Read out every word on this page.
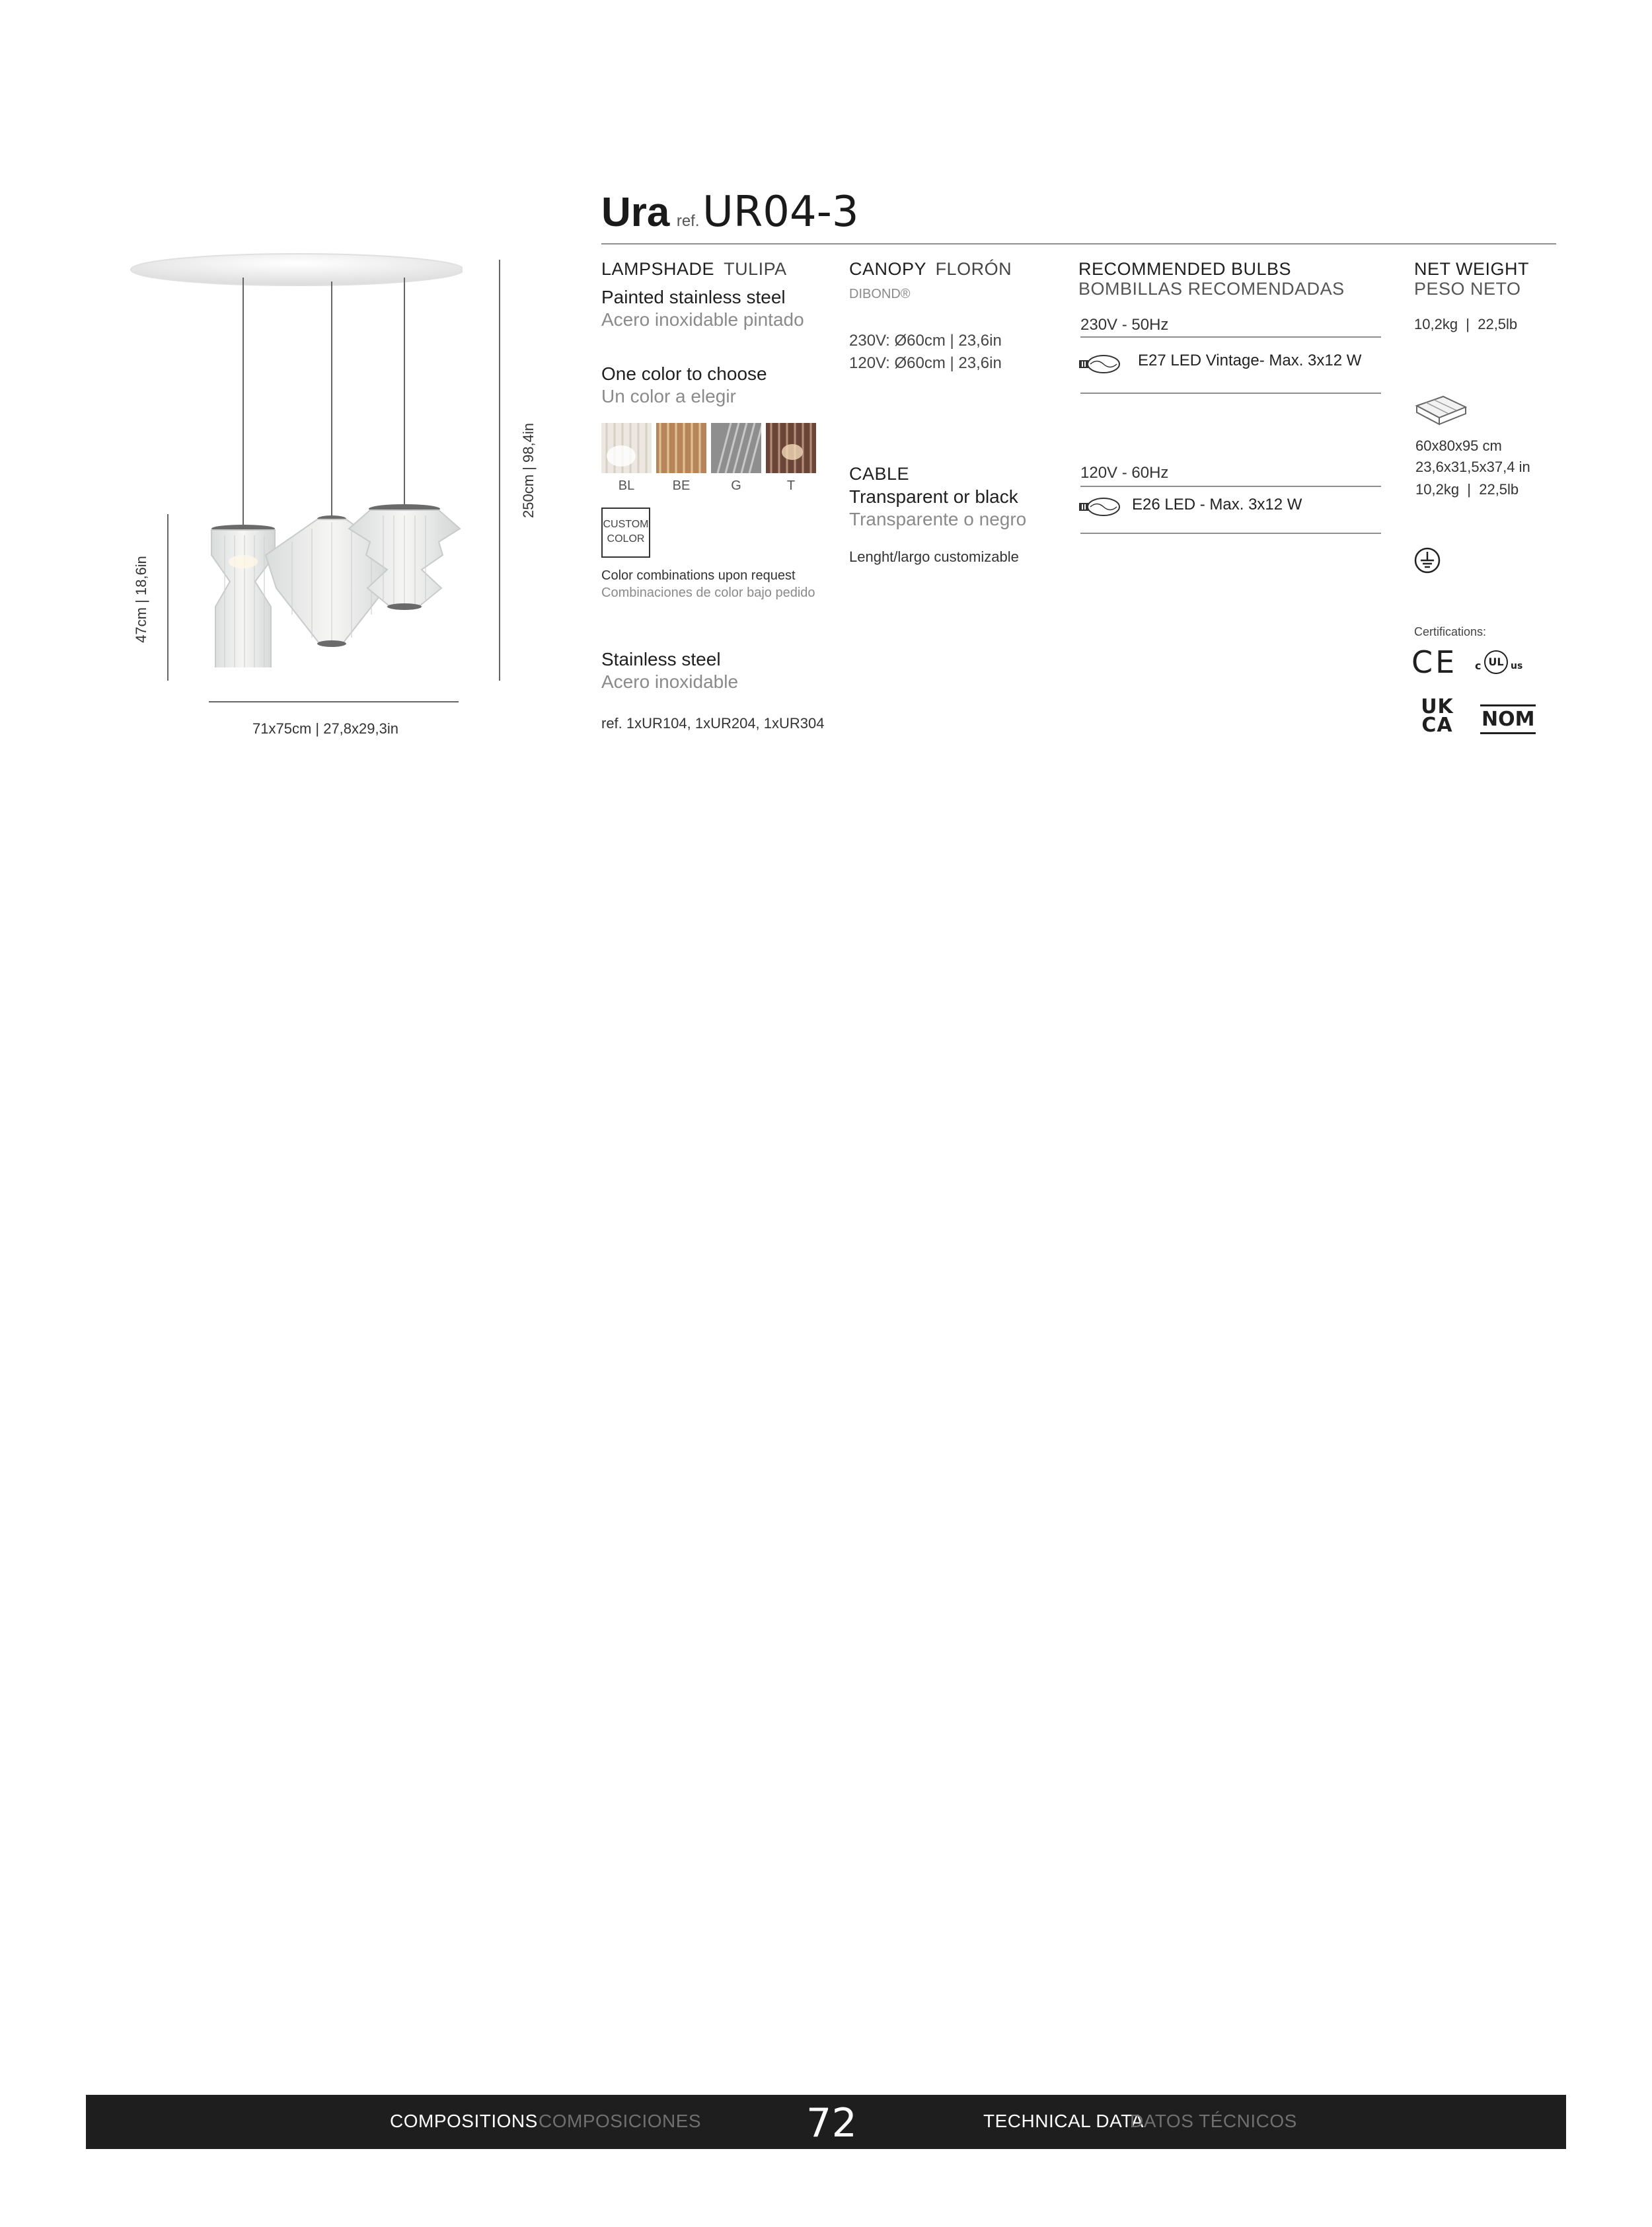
250cm | 98,4in
47cm | 18,6in
71x75cm | 27,8x29,3in
Ura ref. UR04-3
LAMPSHADE TULIPA
Painted stainless steel
Acero inoxidable pintado
One color to choose
Un color a elegir
BL	BE	G	T
CUSTOM
COLOR
Color combinations upon request
Combinaciones de color bajo pedido
Stainless steel
Acero inoxidable
ref. 1xUR104, 1xUR204, 1xUR304
CANOPY FLORÓN
DIBOND®
230V: Ø60cm | 23,6in
120V: Ø60cm | 23,6in
CABLE
Transparent or black
Transparente o negro
Lenght/largo customizable
RECOMMENDED BULBS
BOMBILLAS RECOMENDADAS
230V - 50Hz
E27 LED Vintage- Max. 3x12 W
120V - 60Hz
E26 LED - Max. 3x12 W
NET WEIGHT
PESO NETO
10,2kg  |  22,5lb
60x80x95 cm
23,6x31,5x37,4 in
10,2kg  |  22,5lb
Certifications:
CE c UL us
UK
CA NOM
COMPOSITIONS COMPOSICIONES	72	TECHNICAL DATA
DATOS TÉCNICOS
